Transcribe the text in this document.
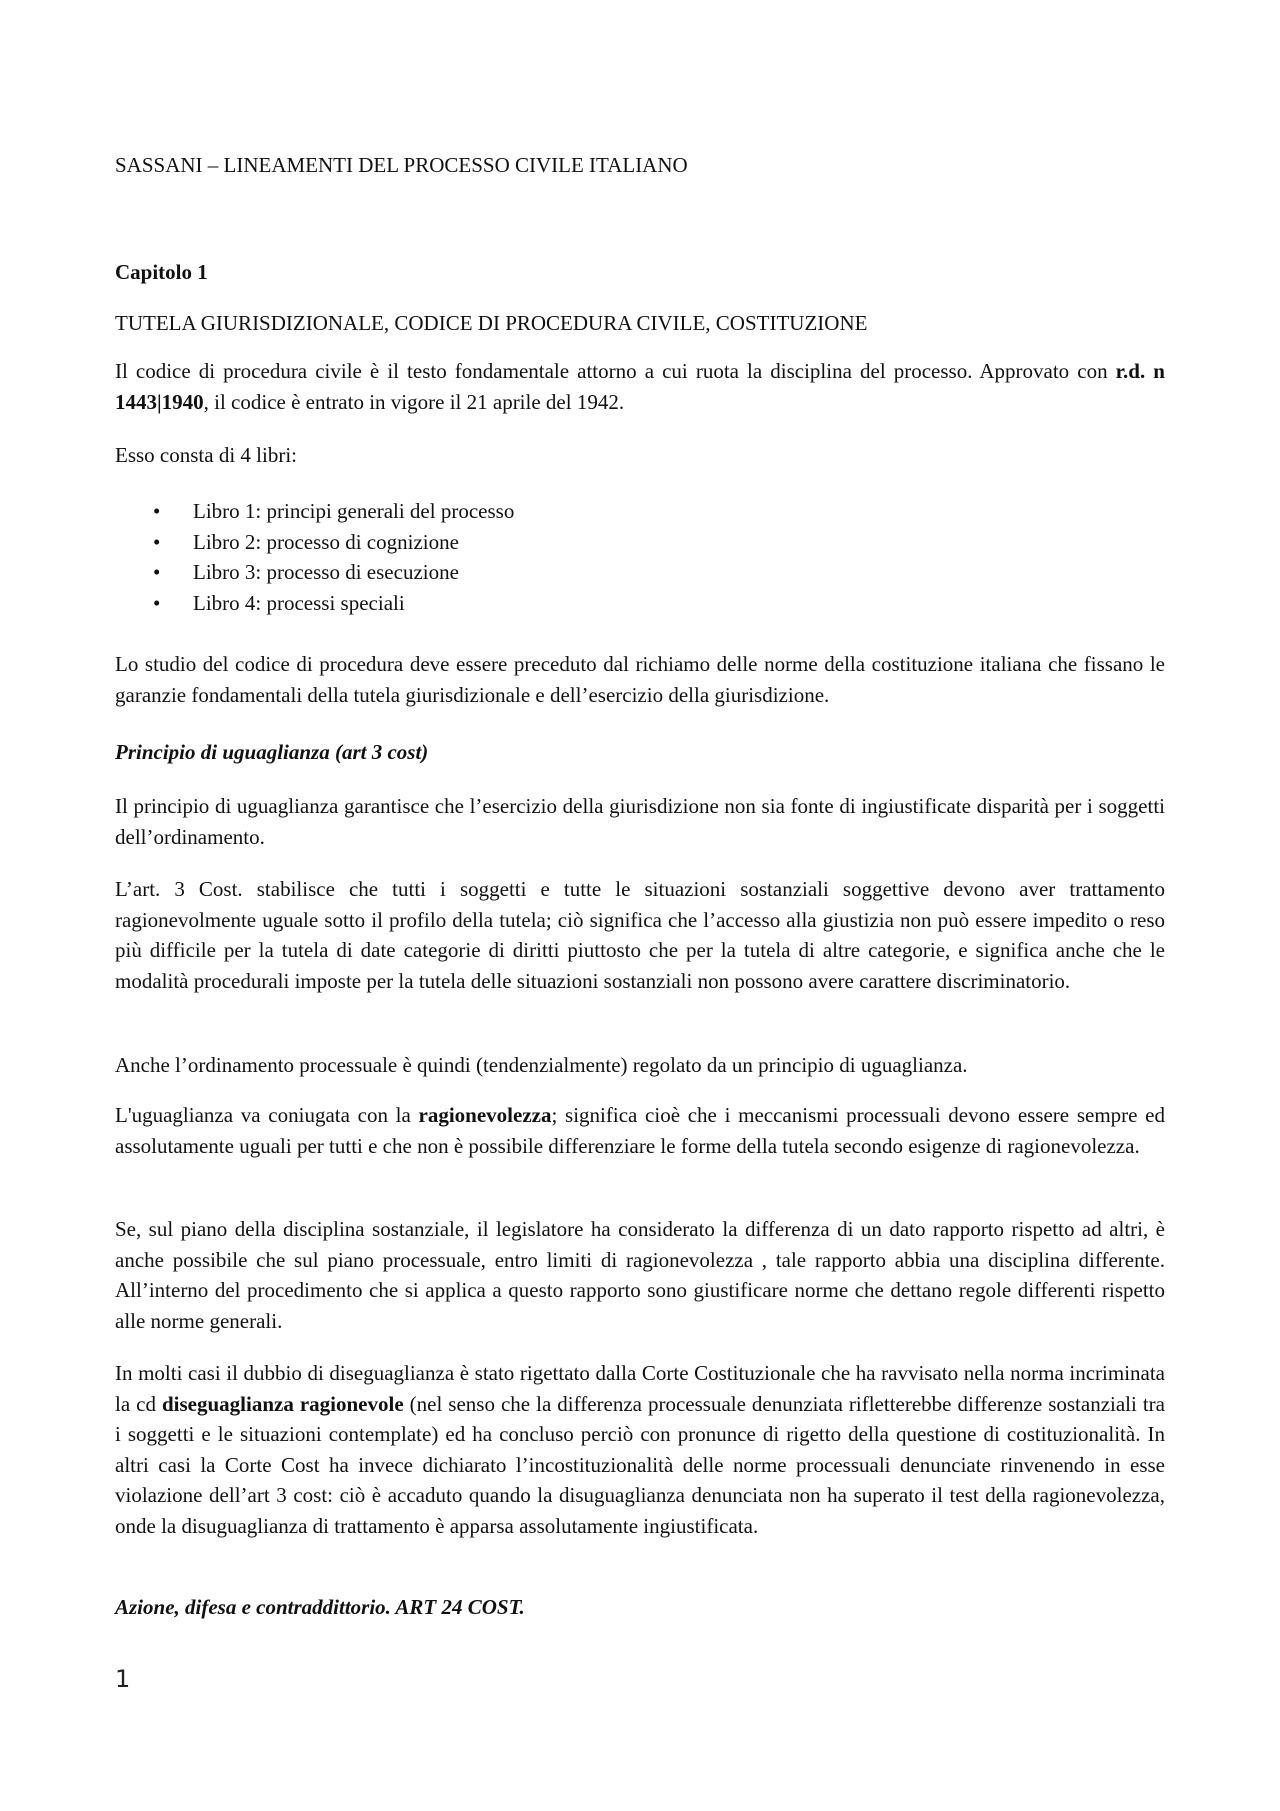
SASSANI – LINEAMENTI DEL PROCESSO CIVILE ITALIANO
Capitolo 1
TUTELA GIURISDIZIONALE, CODICE DI PROCEDURA CIVILE, COSTITUZIONE

Il codice di procedura civile è il testo fondamentale attorno a cui ruota la disciplina del processo. Approvato con r.d. n 1443|1940, il codice è entrato in vigore il 21 aprile del 1942.

Esso consta di 4 libri:

• Libro 1: principi generali del processo
• Libro 2: processo di cognizione
• Libro 3: processo di esecuzione
• Libro 4: processi speciali

Lo studio del codice di procedura deve essere preceduto dal richiamo delle norme della costituzione italiana che fissano le garanzie fondamentali della tutela giurisdizionale e dell’esercizio della giurisdizione.

Principio di uguaglianza (art 3 cost)

Il principio di uguaglianza garantisce che l’esercizio della giurisdizione non sia fonte di ingiustificate disparità per i soggetti dell’ordinamento.

L’art. 3 Cost. stabilisce che tutti i soggetti e tutte le situazioni sostanziali soggettive devono aver trattamento ragionevolmente uguale sotto il profilo della tutela; ciò significa che l’accesso alla giustizia non può essere impedito o reso più difficile per la tutela di date categorie di diritti piuttosto che per la tutela di altre categorie, e significa anche che le modalità procedurali imposte per la tutela delle situazioni sostanziali non possono avere carattere discriminatorio.

Anche l’ordinamento processuale è quindi (tendenzialmente) regolato da un principio di uguaglianza.

L'uguaglianza va coniugata con la ragionevolezza; significa cioè che i meccanismi processuali devono essere sempre ed assolutamente uguali per tutti e che non è possibile differenziare le forme della tutela secondo esigenze di ragionevolezza.

Se, sul piano della disciplina sostanziale, il legislatore ha considerato la differenza di un dato rapporto rispetto ad altri, è anche possibile che sul piano processuale, entro limiti di ragionevolezza , tale rapporto abbia una disciplina differente. All’interno del procedimento che si applica a questo rapporto sono giustificare norme che dettano regole differenti rispetto alle norme generali.

In molti casi il dubbio di diseguaglianza è stato rigettato dalla Corte Costituzionale che ha ravvisato nella norma incriminata la cd diseguaglianza ragionevole (nel senso che la differenza processuale denunziata rifletterebbe differenze sostanziali tra i soggetti e le situazioni contemplate) ed ha concluso perciò con pronunce di rigetto della questione di costituzionalità. In altri casi la Corte Cost ha invece dichiarato l’incostituzionalità delle norme processuali denunciate rinvenendo in esse violazione dell’art 3 cost: ciò è accaduto quando la disuguaglianza denunciata non ha superato il test della ragionevolezza, onde la disuguaglianza di trattamento è apparsa assolutamente ingiustificata.

Azione, difesa e contraddittorio. ART 24 COST.

1
